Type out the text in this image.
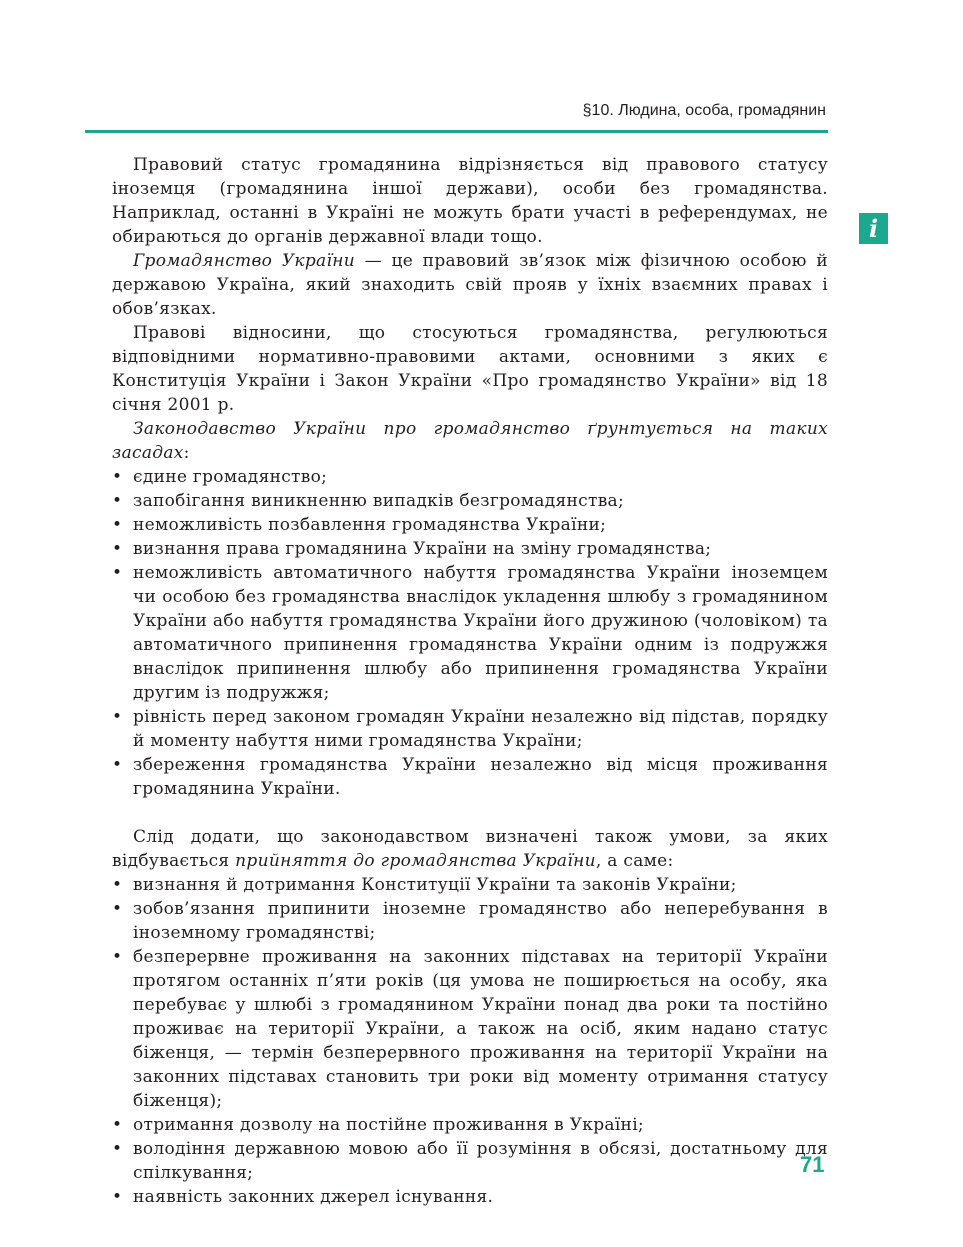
§10. Людина, особа, громадянин
i

Правовий статус громадянина відрізняється від правового статусу іноземця (громадянина іншої держави), особи без громадянства. Наприклад, останні в Україні не можуть брати участі в референдумах, не обираються до органів державної влади тощо.

Громадянство України — це правовий зв’язок між фізичною особою й державою Україна, який знаходить свій прояв у їхніх взаємних правах і обов’язках.

Правові відносини, що стосуються громадянства, регулюються відповідними нормативно-правовими актами, основними з яких є Конституція України і Закон України «Про громадянство України» від 18 січня 2001 р.

Законодавство України про громадянство ґрунтується на таких засадах:

• єдине громадянство;
• запобігання виникненню випадків безгромадянства;
• неможливість позбавлення громадянства України;
• визнання права громадянина України на зміну громадянства;
• неможливість автоматичного набуття громадянства України іноземцем чи особою без громадянства внаслідок укладення шлюбу з громадянином України або набуття громадянства України його дружиною (чоловіком) та автоматичного припинення громадянства України одним із подружжя внаслідок припинення шлюбу або припинення громадянства України другим із подружжя;
• рівність перед законом громадян України незалежно від підстав, порядку й моменту набуття ними громадянства України;
• збереження громадянства України незалежно від місця проживання громадянина України.

Слід додати, що законодавством визначені також умови, за яких відбувається прийняття до громадянства України, а саме:

• визнання й дотримання Конституції України та законів України;
• зобов’язання припинити іноземне громадянство або неперебування в іноземному громадянстві;
• безперервне проживання на законних підставах на території України протягом останніх п’яти років (ця умова не поширюється на особу, яка перебуває у шлюбі з громадянином України понад два роки та постійно проживає на території України, а також на осіб, яким надано статус біженця, — термін безперервного проживання на території України на законних підставах становить три роки від моменту отримання статусу біженця);
• отримання дозволу на постійне проживання в Україні;
• володіння державною мовою або її розуміння в обсязі, достатньому для спілкування;
• наявність законних джерел існування.
71
